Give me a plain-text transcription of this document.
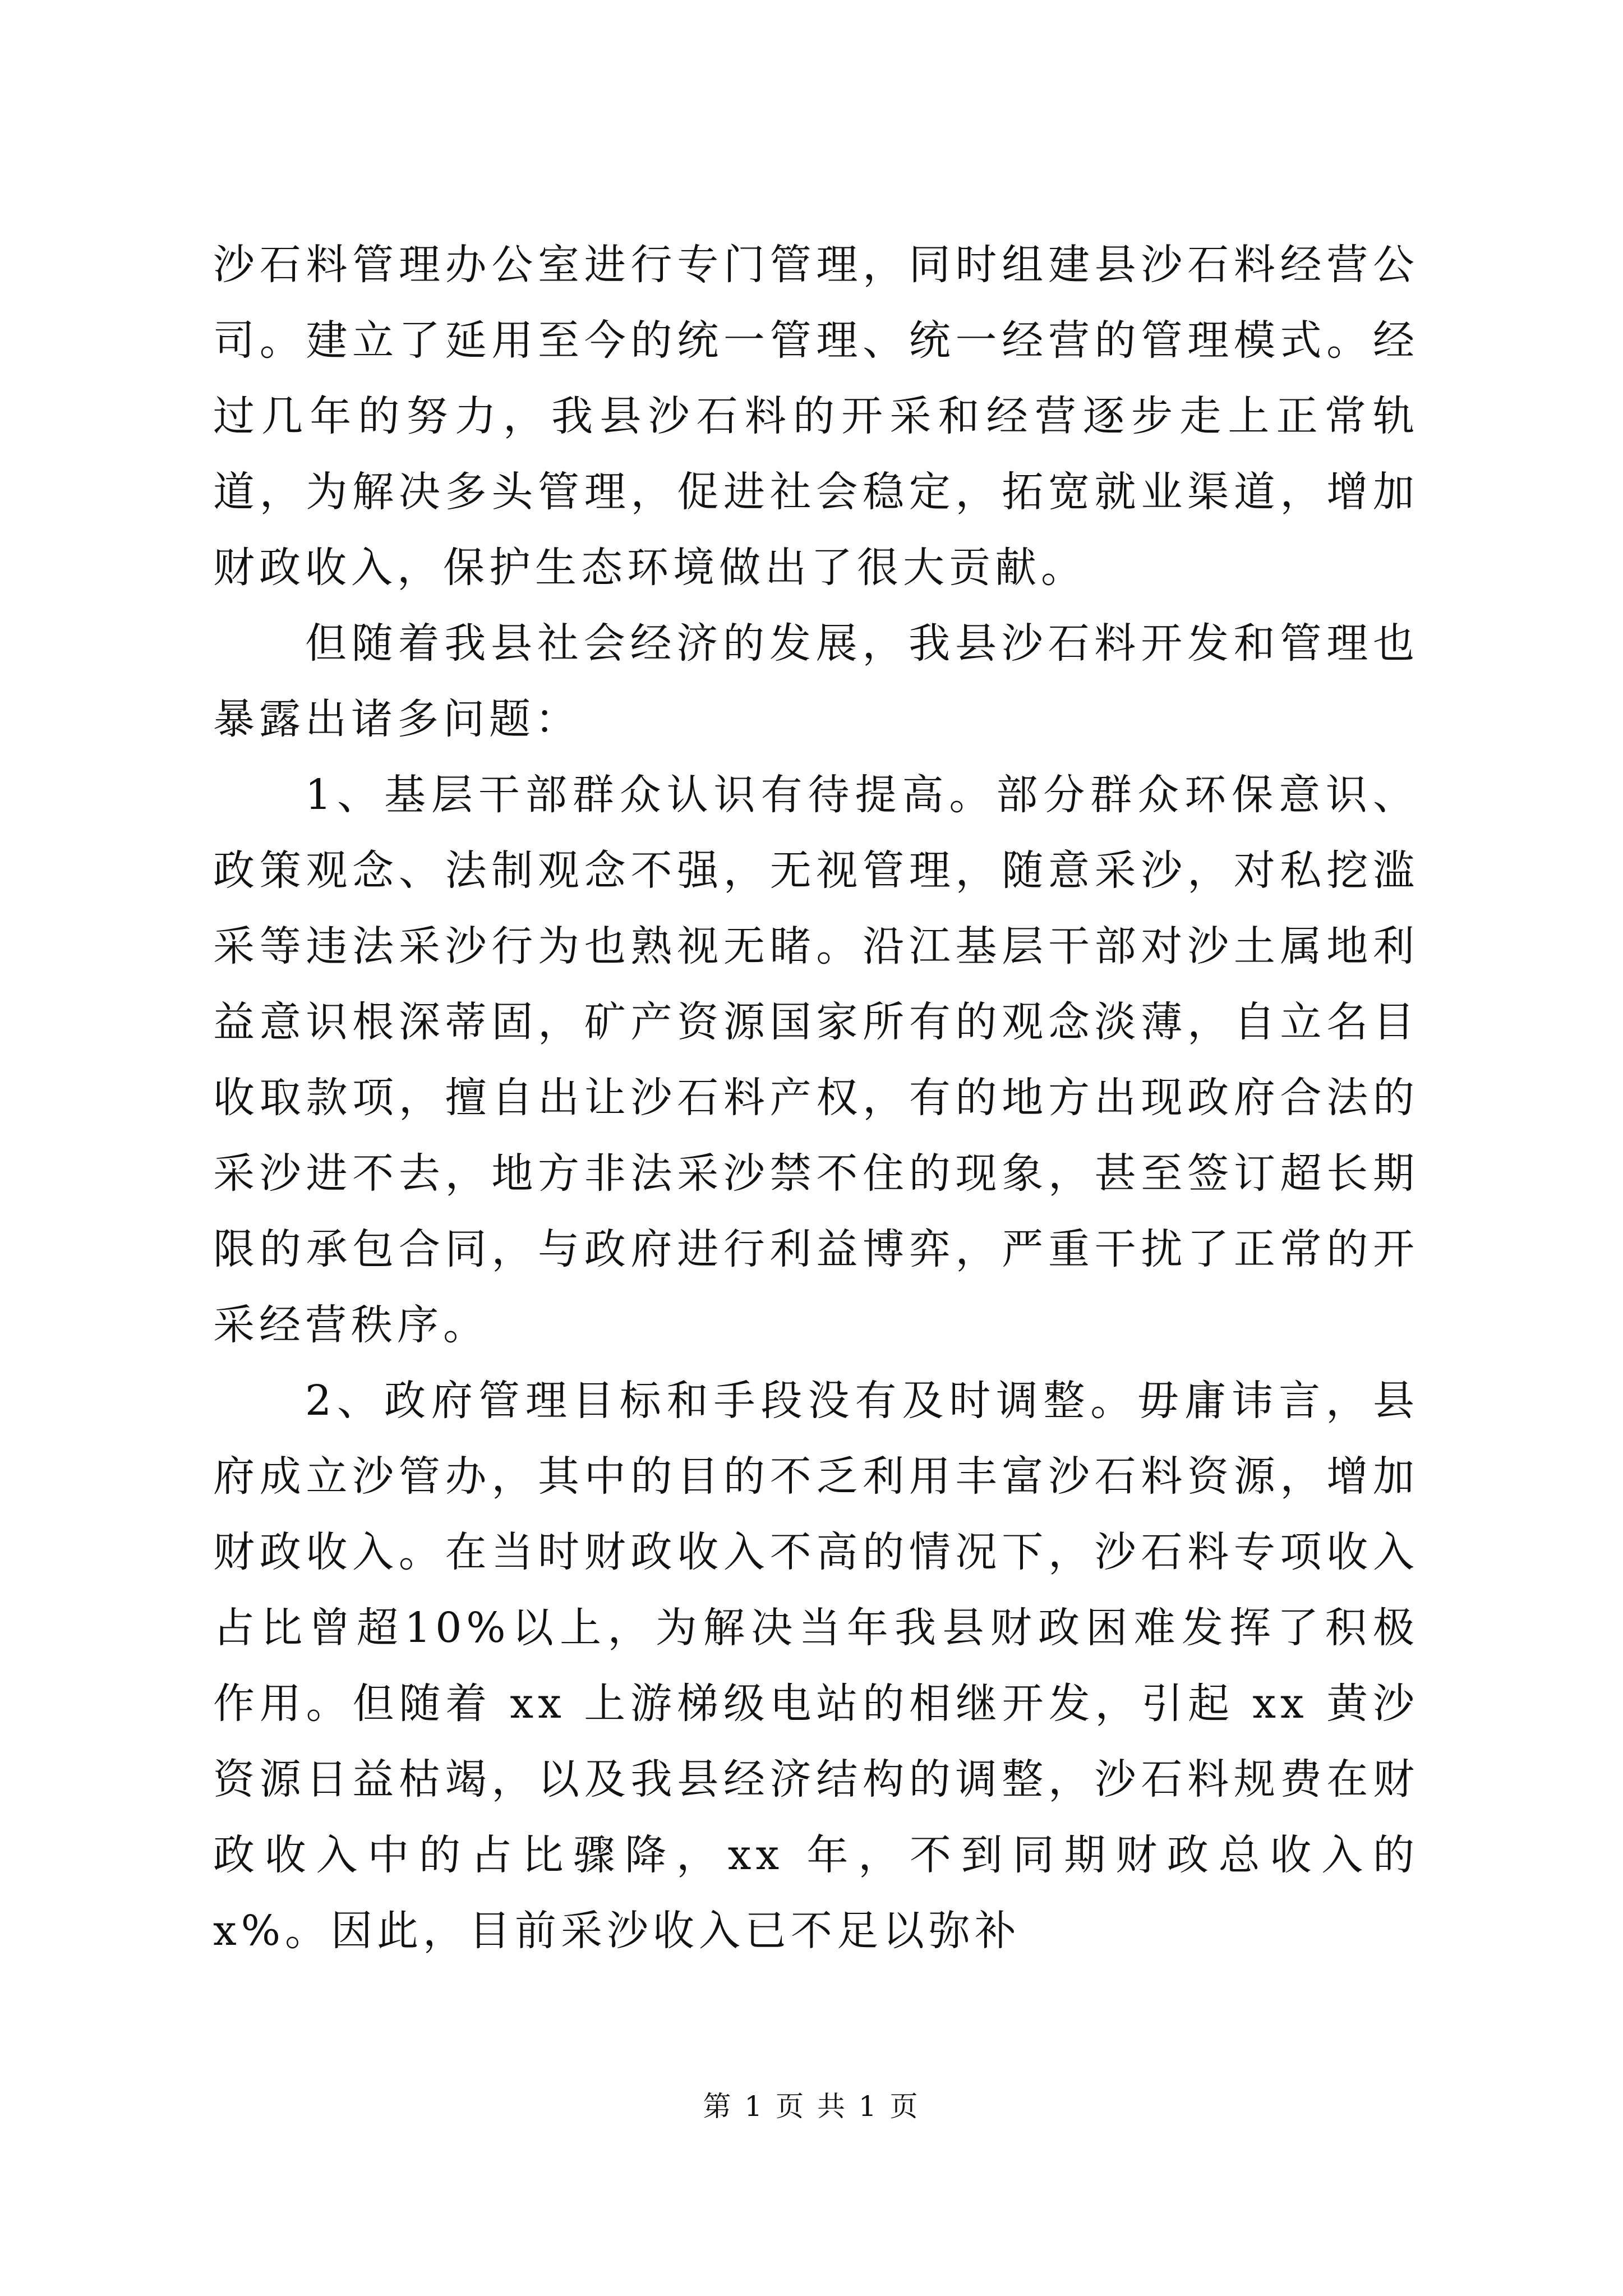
沙石料管理办公室进行专门管理，同时组建县沙石料经营公司。建立了延用至今的统一管理、统一经营的管理模式。经过几年的努力，我县沙石料的开采和经营逐步走上正常轨道，为解决多头管理，促进社会稳定，拓宽就业渠道，增加财政收入，保护生态环境做出了很大贡献。

但随着我县社会经济的发展，我县沙石料开发和管理也暴露出诸多问题：

1、基层干部群众认识有待提高。部分群众环保意识、政策观念、法制观念不强，无视管理，随意采沙，对私挖滥采等违法采沙行为也熟视无睹。沿江基层干部对沙土属地利益意识根深蒂固，矿产资源国家所有的观念淡薄，自立名目收取款项，擅自出让沙石料产权，有的地方出现政府合法的采沙进不去，地方非法采沙禁不住的现象，甚至签订超长期限的承包合同，与政府进行利益博弈，严重干扰了正常的开采经营秩序。

2、政府管理目标和手段没有及时调整。毋庸讳言，县府成立沙管办，其中的目的不乏利用丰富沙石料资源，增加财政收入。在当时财政收入不高的情况下，沙石料专项收入占比曾超10%以上，为解决当年我县财政困难发挥了积极作用。但随着 xx 上游梯级电站的相继开发，引起 xx 黄沙资源日益枯竭，以及我县经济结构的调整，沙石料规费在财政收入中的占比骤降，xx 年，不到同期财政总收入的 x%。因此，目前采沙收入已不足以弥补

第 1 页 共 1 页
